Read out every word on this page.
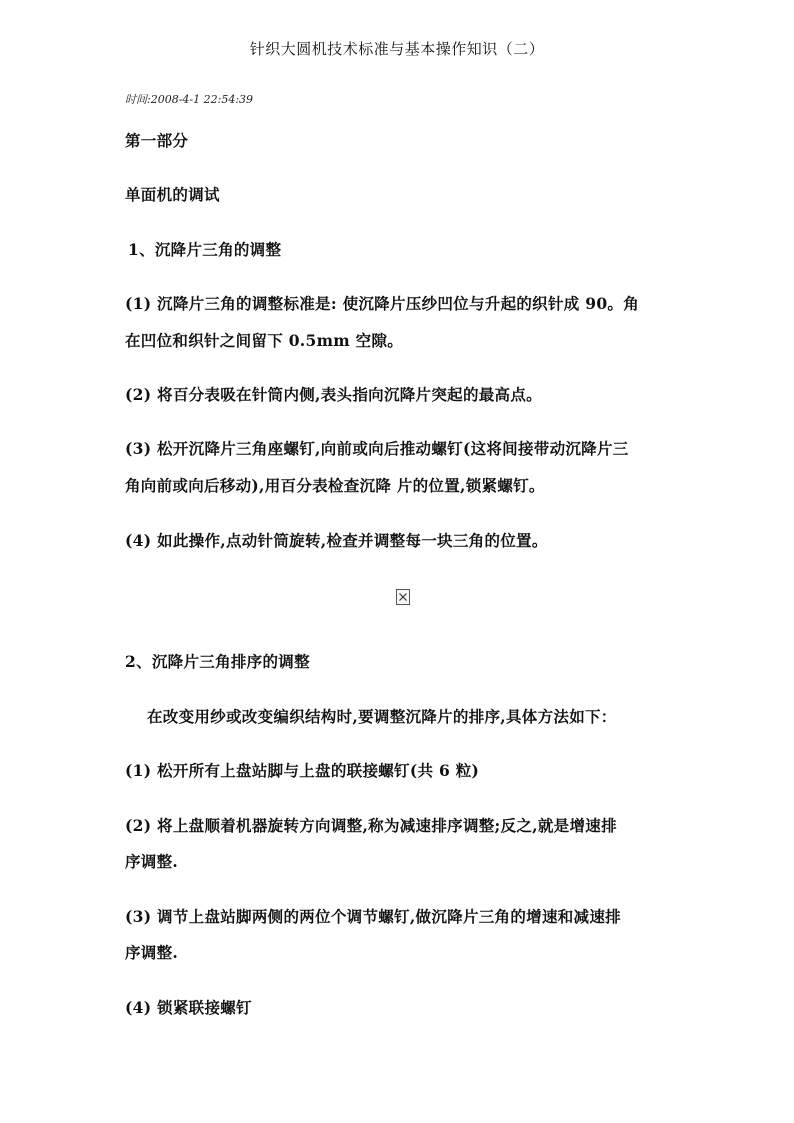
针织大圆机技术标准与基本操作知识（二）
时间:2008-4-1 22:54:39
第一部分
单面机的调试
1、沉降片三角的调整
(1) 沉降片三角的调整标准是: 使沉降片压纱凹位与升起的织针成 90。角
在凹位和织针之间留下 0.5mm 空隙。
(2) 将百分表吸在针筒内侧,表头指向沉降片突起的最高点。
(3) 松开沉降片三角座螺钉,向前或向后推动螺钉(这将间接带动沉降片三
角向前或向后移动),用百分表检查沉降 片的位置,锁紧螺钉。
(4) 如此操作,点动针筒旋转,检查并调整每一块三角的位置。
2、沉降片三角排序的调整
在改变用纱或改变编织结构时,要调整沉降片的排序,具体方法如下：
(1) 松开所有上盘站脚与上盘的联接螺钉(共 6 粒)
(2) 将上盘顺着机器旋转方向调整,称为减速排序调整;反之,就是增速排
序调整.
(3) 调节上盘站脚两侧的两位个调节螺钉,做沉降片三角的增速和减速排
序调整.
(4) 锁紧联接螺钉
